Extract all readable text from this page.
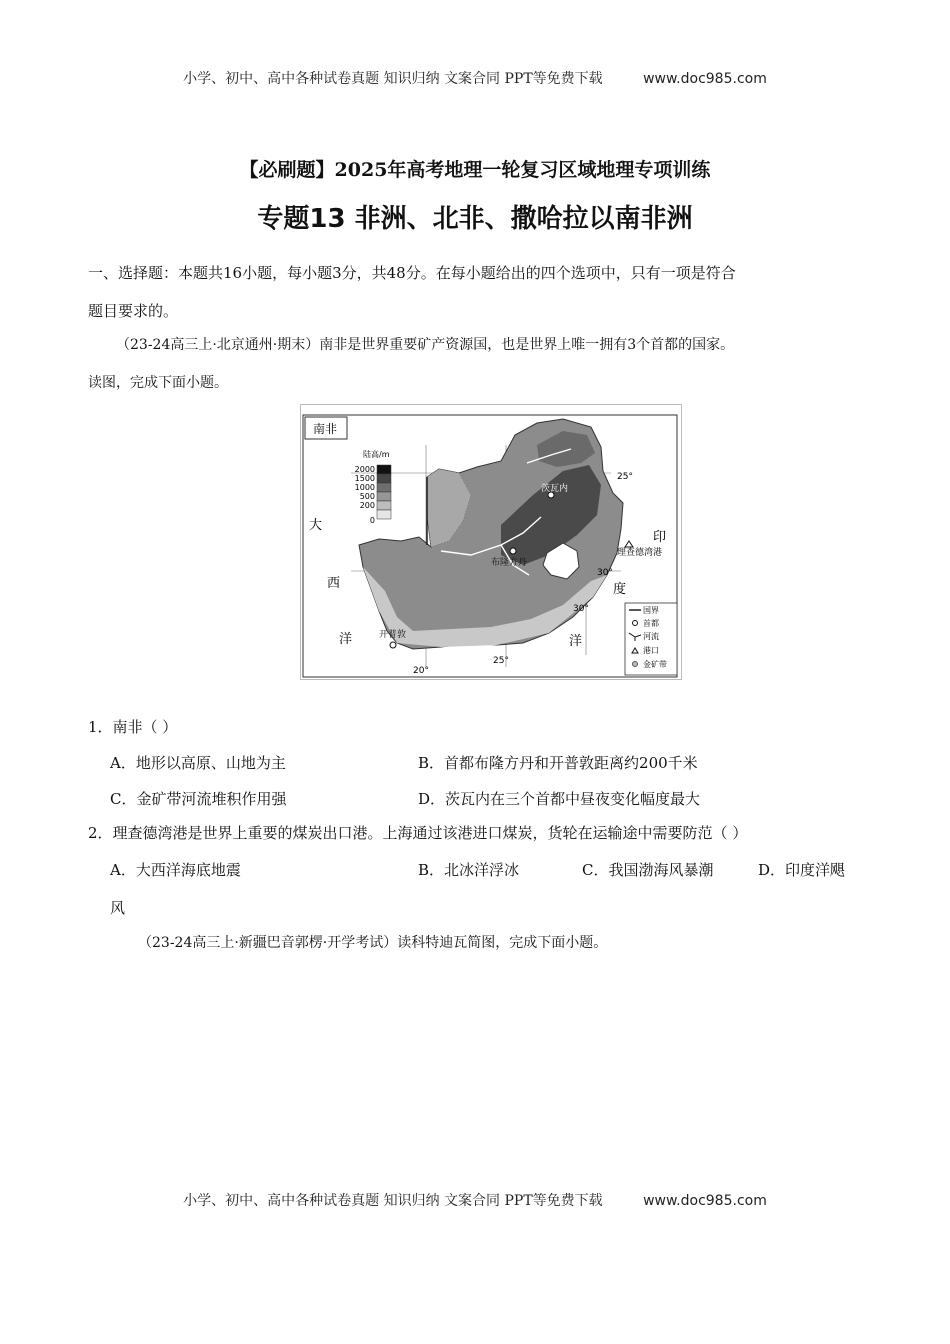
小学、初中、高中各种试卷真题 知识归纳 文案合同 PPT等免费下载	www.doc985.com
【必刷题】2025年高考地理一轮复习区域地理专项训练
专题13 非洲、北非、撒哈拉以南非洲
一、选择题：本题共16小题，每小题3分，共48分。在每小题给出的四个选项中，只有一项是符合
题目要求的。
（23-24高三上·北京通州·期末）南非是世界重要矿产资源国，也是世界上唯一拥有3个首都的国家。
读图，完成下面小题。
南非
陆高/m
2000
1500
1000
500
200
0
大
西
洋
印
度
洋
茨瓦内
布隆方丹
开普敦
理查德湾港
25°
30°
20°
25°
30°	国界
首都
河流
港口
金矿带
1．南非（ ）
A．地形以高原、山地为主	B．首都布隆方丹和开普敦距离约200千米
C．金矿带河流堆积作用强	D．茨瓦内在三个首都中昼夜变化幅度最大
2．理查德湾港是世界上重要的煤炭出口港。上海通过该港进口煤炭，货轮在运输途中需要防范（ ）
A．大西洋海底地震	B．北冰洋浮冰	C．我国渤海风暴潮	D．印度洋飓
风
（23-24高三上·新疆巴音郭楞·开学考试）读科特迪瓦简图，完成下面小题。
小学、初中、高中各种试卷真题 知识归纳 文案合同 PPT等免费下载	www.doc985.com
